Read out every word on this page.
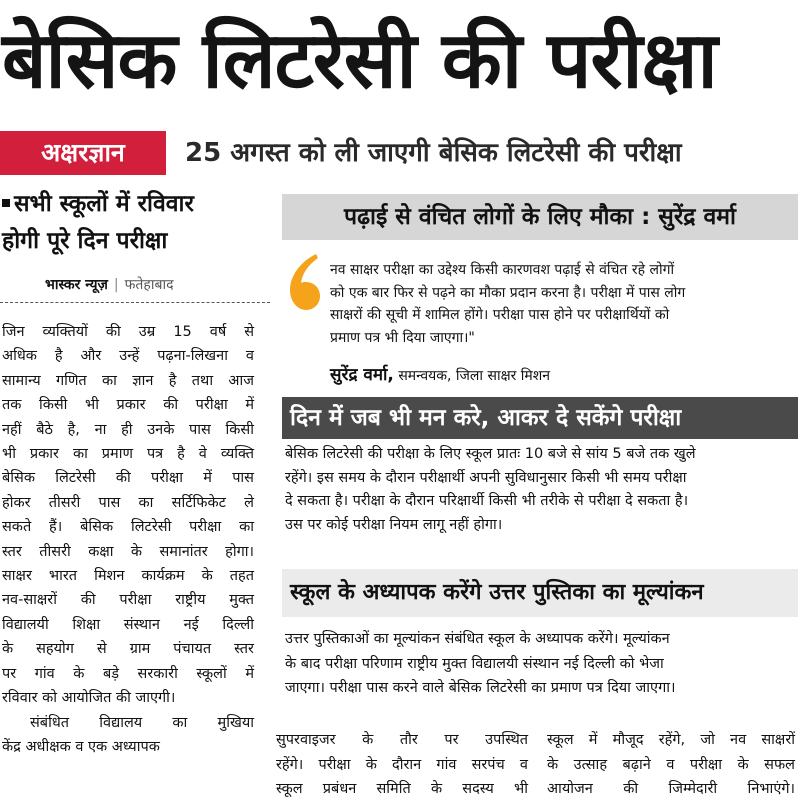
बेसिक लिटरेसी की परीक्षा
अक्षरज्ञान	25 अगस्त को ली जाएगी बेसिक लिटरेसी की परीक्षा
सभी स्कूलों में रविवार
होगी पूरे दिन परीक्षा
भास्कर न्यूज़ | फतेहाबाद
जिन व्यक्तियों की उम्र 15 वर्ष से
अधिक है और उन्हें पढ़ना-लिखना व
सामान्य गणित का ज्ञान है तथा आज
तक किसी भी प्रकार की परीक्षा में
नहीं बैठे है, ना ही उनके पास किसी
भी प्रकार का प्रमाण पत्र है वे व्यक्ति
बेसिक लिटरेसी की परीक्षा में पास
होकर तीसरी पास का सर्टिफिकेट ले
सकते हैं। बेसिक लिटरेसी परीक्षा का
स्तर तीसरी कक्षा के समानांतर होगा।
साक्षर भारत मिशन कार्यक्रम के तहत
नव-साक्षरों की परीक्षा राष्ट्रीय मुक्त
विद्यालयी शिक्षा संस्थान नई दिल्ली
के सहयोग से ग्राम पंचायत स्तर
पर गांव के बड़े सरकारी स्कूलों में
रविवार को आयोजित की जाएगी।
संबंधित विद्यालय का मुखिया
केंद्र अधीक्षक व एक अध्यापक
पढ़ाई से वंचित लोगों के लिए मौका : सुरेंद्र वर्मा
नव साक्षर परीक्षा का उद्देश्य किसी कारणवश पढ़ाई से वंचित रहे लोगों
को एक बार फिर से पढ़ने का मौका प्रदान करना है। परीक्षा में पास लोग
साक्षरों की सूची में शामिल होंगे। परीक्षा पास होने पर परीक्षार्थियों को
प्रमाण पत्र भी दिया जाएगा।"
सुरेंद्र वर्मा, समन्वयक, जिला साक्षर मिशन
दिन में जब भी मन करे, आकर दे सकेंगे परीक्षा
बेसिक लिटरेसी की परीक्षा के लिए स्कूल प्रातः 10 बजे से सांय 5 बजे तक खुले
रहेंगे। इस समय के दौरान परीक्षार्थी अपनी सुविधानुसार किसी भी समय परीक्षा
दे सकता है। परीक्षा के दौरान परिक्षार्थी किसी भी तरीके से परीक्षा दे सकता है।
उस पर कोई परीक्षा नियम लागू नहीं होगा।
स्कूल के अध्यापक करेंगे उत्तर पुस्तिका का मूल्यांकन
उत्तर पुस्तिकाओं का मूल्यांकन संबंधित स्कूल के अध्यापक करेंगे। मूल्यांकन
के बाद परीक्षा परिणाम राष्ट्रीय मुक्त विद्यालयी संस्थान नई दिल्ली को भेजा
जाएगा। परीक्षा पास करने वाले बेसिक लिटरेसी का प्रमाण पत्र दिया जाएगा।
सुपरवाइजर के तौर पर उपस्थित
रहेंगे। परीक्षा के दौरान गांव सरपंच व
स्कूल प्रबंधन समिति के सदस्य भी
स्कूल में मौजूद रहेंगे, जो नव साक्षरों
के उत्साह बढ़ाने व परीक्षा के सफल
आयोजन की जिम्मेदारी निभाएंगे।
